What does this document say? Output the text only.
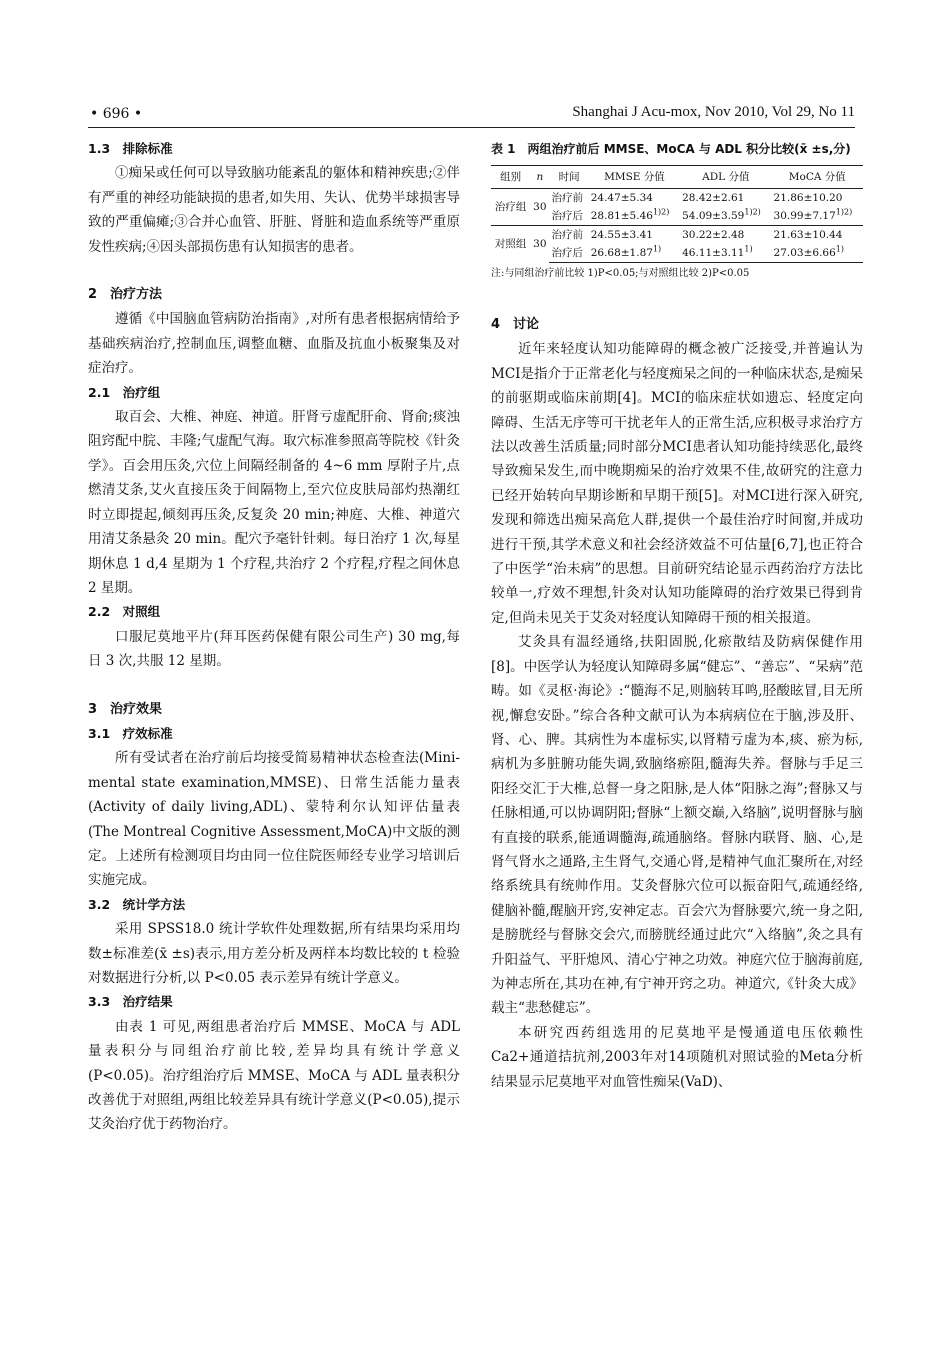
• 696 •	Shanghai J Acu-mox, Nov 2010, Vol 29, No 11
1.3　排除标准

①痴呆或任何可以导致脑功能紊乱的躯体和精神疾患;②伴有严重的神经功能缺损的患者,如失用、失认、优势半球损害导致的严重偏瘫;③合并心血管、肝脏、肾脏和造血系统等严重原发性疾病;④因头部损伤患有认知损害的患者。

2　治疗方法

遵循《中国脑血管病防治指南》,对所有患者根据病情给予基础疾病治疗,控制血压,调整血糖、血脂及抗血小板聚集及对症治疗。

2.1　治疗组

取百会、大椎、神庭、神道。肝肾亏虚配肝俞、肾俞;痰浊阻窍配中脘、丰隆;气虚配气海。取穴标准参照高等院校《针灸学》。百会用压灸,穴位上间隔经制备的 4~6 mm 厚附子片,点燃清艾条,艾火直接压灸于间隔物上,至穴位皮肤局部灼热潮红时立即提起,倾刻再压灸,反复灸 20 min;神庭、大椎、神道穴用清艾条悬灸 20 min。配穴予毫针针刺。每日治疗 1 次,每星期休息 1 d,4 星期为 1 个疗程,共治疗 2 个疗程,疗程之间休息 2 星期。

2.2　对照组

口服尼莫地平片(拜耳医药保健有限公司生产) 30 mg,每日 3 次,共服 12 星期。

3　治疗效果
3.1　疗效标准

所有受试者在治疗前后均接受简易精神状态检查法(Mini-mental state examination,MMSE)、日常生活能力量表(Activity of daily living,ADL)、蒙特利尔认知评估量表(The Montreal Cognitive Assessment,MoCA)中文版的测定。上述所有检测项目均由同一位住院医师经专业学习培训后实施完成。

3.2　统计学方法

采用 SPSS18.0 统计学软件处理数据,所有结果均采用均数±标准差(x̄ ±s)表示,用方差分析及两样本均数比较的 t 检验对数据进行分析,以 P<0.05 表示差异有统计学意义。

3.3　治疗结果

由表 1 可见,两组患者治疗后 MMSE、MoCA 与 ADL 量表积分与同组治疗前比较,差异均具有统计学意义(P<0.05)。治疗组治疗后 MMSE、MoCA 与 ADL 量表积分改善优于对照组,两组比较差异具有统计学意义(P<0.05),提示艾灸治疗优于药物治疗。

表 1　两组治疗前后 MMSE、MoCA 与 ADL 积分比较(x̄ ±s,分)
组别	n	时间	MMSE 分值	ADL 分值	MoCA 分值
治疗组	30	治疗前	24.47±5.34	28.42±2.61	21.86±10.20
		治疗后	$28.81\pm 5.46^{1)2)}$	$54.09\pm 3.59^{1)2)}$	$30.99\pm 7.17^{1)2)}$
对照组	30	治疗前	24.55±3.41	30.22±2.48	21.63±10.44
		治疗后	$26.68\pm 1.87^{1)}$	$46.11\pm 3.11^{1)}$	$27.03\pm 6.66^{1)}$
注:与同组治疗前比较 1)P<0.05;与对照组比较 2)P<0.05
4　讨论

近年来轻度认知功能障碍的概念被广泛接受,并普遍认为MCI是指介于正常老化与轻度痴呆之间的一种临床状态,是痴呆的前驱期或临床前期[4]。MCI的临床症状如遗忘、轻度定向障碍、生活无序等可干扰老年人的正常生活,应积极寻求治疗方法以改善生活质量;同时部分MCI患者认知功能持续恶化,最终导致痴呆发生,而中晚期痴呆的治疗效果不佳,故研究的注意力已经开始转向早期诊断和早期干预[5]。对MCI进行深入研究,发现和筛选出痴呆高危人群,提供一个最佳治疗时间窗,并成功进行干预,其学术意义和社会经济效益不可估量[6,7],也正符合了中医学“治未病”的思想。目前研究结论显示西药治疗方法比较单一,疗效不理想,针灸对认知功能障碍的治疗效果已得到肯定,但尚未见关于艾灸对轻度认知障碍干预的相关报道。

艾灸具有温经通络,扶阳固脱,化瘀散结及防病保健作用[8]。中医学认为轻度认知障碍多属“健忘”、“善忘”、“呆病”范畴。如《灵枢·海论》:“髓海不足,则脑转耳鸣,胫酸眩冒,目无所视,懈怠安卧。”综合各种文献可认为本病病位在于脑,涉及肝、肾、心、脾。其病性为本虚标实,以肾精亏虚为本,痰、瘀为标,病机为多脏腑功能失调,致脑络瘀阻,髓海失养。督脉与手足三阳经交汇于大椎,总督一身之阳脉,是人体“阳脉之海”;督脉又与任脉相通,可以协调阴阳;督脉“上额交巅,入络脑”,说明督脉与脑有直接的联系,能通调髓海,疏通脑络。督脉内联肾、脑、心,是肾气肾水之通路,主生肾气,交通心肾,是精神气血汇聚所在,对经络系统具有统帅作用。艾灸督脉穴位可以振奋阳气,疏通经络,健脑补髓,醒脑开窍,安神定志。百会穴为督脉要穴,统一身之阳,是膀胱经与督脉交会穴,而膀胱经通过此穴“入络脑”,灸之具有升阳益气、平肝熄风、清心宁神之功效。神庭穴位于脑海前庭,为神志所在,其功在神,有宁神开窍之功。神道穴,《针灸大成》载主“悲愁健忘”。

本研究西药组选用的尼莫地平是慢通道电压依赖性Ca2+通道拮抗剂,2003年对14项随机对照试验的Meta分析结果显示尼莫地平对血管性痴呆(VaD)、
